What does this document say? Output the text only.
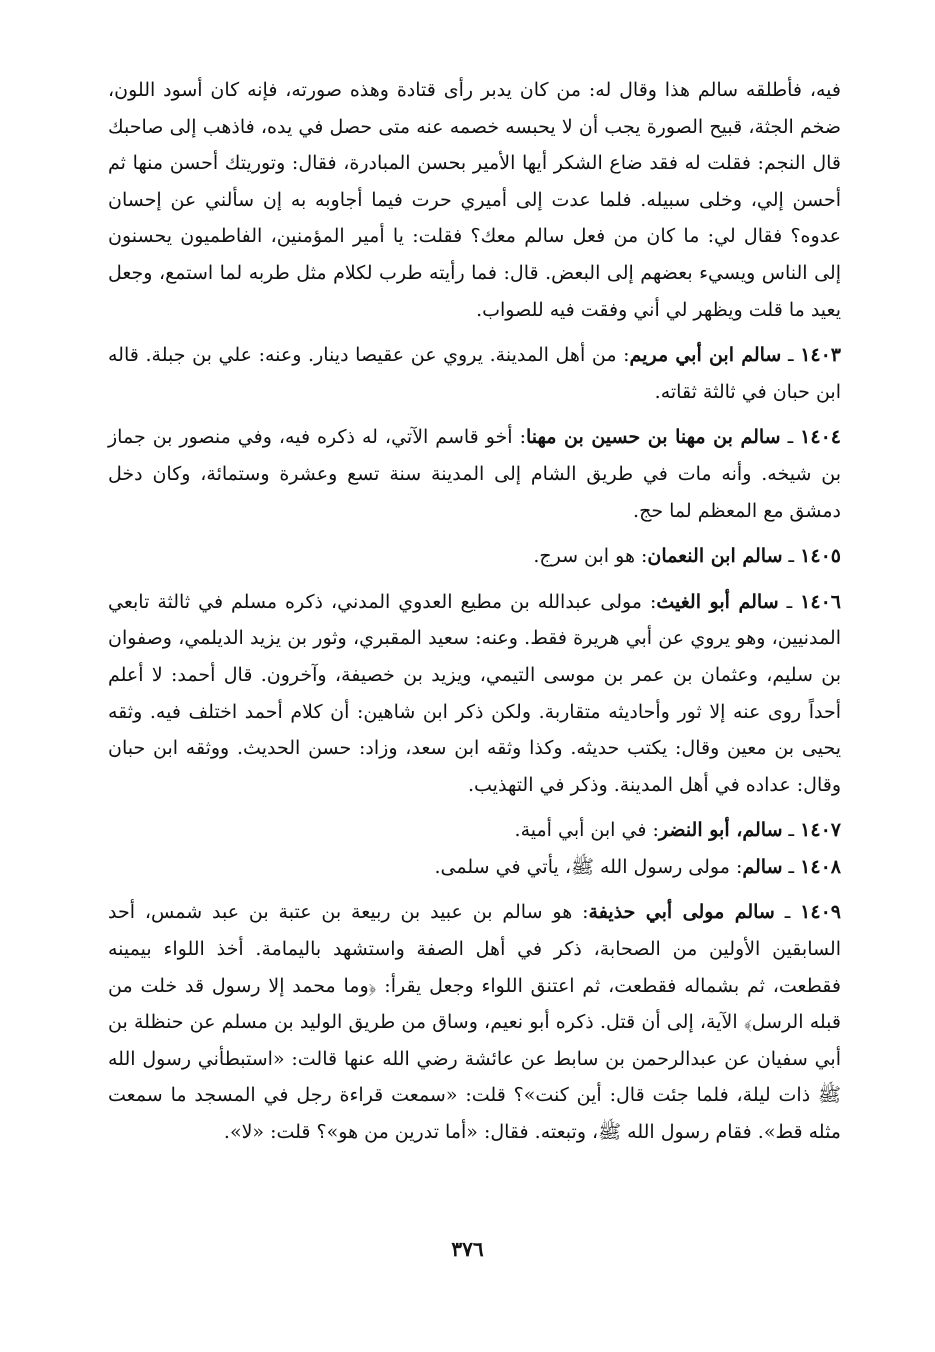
فيه، فأطلقه سالم هذا وقال له: من كان يدبر رأى قتادة وهذه صورته، فإنه كان أسود اللون، ضخم الجثة، قبيح الصورة يجب أن لا يحبسه خصمه عنه متى حصل في يده، فاذهب إلى صاحبك قال النجم: فقلت له فقد ضاع الشكر أيها الأمير بحسن المبادرة، فقال: وتوريتك أحسن منها ثم أحسن إلي، وخلى سبيله. فلما عدت إلى أميري حرت فيما أجاوبه به إن سألني عن إحسان عدوه؟ فقال لي: ما كان من فعل سالم معك؟ فقلت: يا أمير المؤمنين، الفاطميون يحسنون إلى الناس ويسيء بعضهم إلى البعض. قال: فما رأيته طرب لكلام مثل طربه لما استمع، وجعل يعيد ما قلت ويظهر لي أني وفقت فيه للصواب.

١٤٠٣ ـ سالم ابن أبي مريم: من أهل المدينة. يروي عن عقيصا دينار. وعنه: علي بن جبلة. قاله ابن حبان في ثالثة ثقاته.

١٤٠٤ ـ سالم بن مهنا بن حسين بن مهنا: أخو قاسم الآتي، له ذكره فيه، وفي منصور بن جماز بن شيخه. وأنه مات في طريق الشام إلى المدينة سنة تسع وعشرة وستمائة، وكان دخل دمشق مع المعظم لما حج.

١٤٠٥ ـ سالم ابن النعمان: هو ابن سرج.

١٤٠٦ ـ سالم أبو الغيث: مولى عبدالله بن مطيع العدوي المدني، ذكره مسلم في ثالثة تابعي المدنيين، وهو يروي عن أبي هريرة فقط. وعنه: سعيد المقبري، وثور بن يزيد الديلمي، وصفوان بن سليم، وعثمان بن عمر بن موسى التيمي، ويزيد بن خصيفة، وآخرون. قال أحمد: لا أعلم أحداً روى عنه إلا ثور وأحاديثه متقاربة. ولكن ذكر ابن شاهين: أن كلام أحمد اختلف فيه. وثقه يحيى بن معين وقال: يكتب حديثه. وكذا وثقه ابن سعد، وزاد: حسن الحديث. ووثقه ابن حبان وقال: عداده في أهل المدينة. وذكر في التهذيب.

١٤٠٧ ـ سالم، أبو النضر: في ابن أبي أمية.

١٤٠٨ ـ سالم: مولى رسول الله ﷺ، يأتي في سلمى.

١٤٠٩ ـ سالم مولى أبي حذيفة: هو سالم بن عبيد بن ربيعة بن عتبة بن عبد شمس، أحد السابقين الأولين من الصحابة، ذكر في أهل الصفة واستشهد باليمامة. أخذ اللواء بيمينه فقطعت، ثم بشماله فقطعت، ثم اعتنق اللواء وجعل يقرأ: ﴿وما محمد إلا رسول قد خلت من قبله الرسل﴾ الآية، إلى أن قتل. ذكره أبو نعيم، وساق من طريق الوليد بن مسلم عن حنظلة بن أبي سفيان عن عبدالرحمن بن سابط عن عائشة رضي الله عنها قالت: «استبطأني رسول الله ﷺ ذات ليلة، فلما جئت قال: أين كنت»؟ قلت: «سمعت قراءة رجل في المسجد ما سمعت مثله قط». فقام رسول الله ﷺ، وتبعته. فقال: «أما تدرين من هو»؟ قلت: «لا».

٣٧٦
